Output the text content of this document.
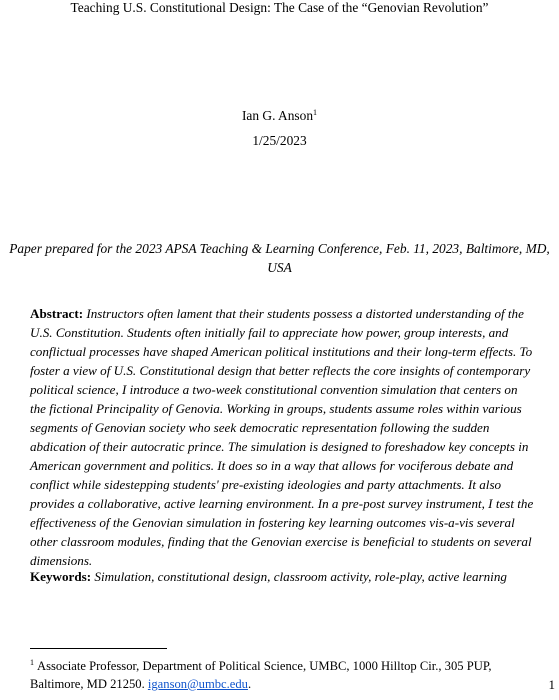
Teaching U.S. Constitutional Design: The Case of the “Genovian Revolution”
Ian G. Anson$^1$
1/25/2023
Paper prepared for the 2023 APSA Teaching & Learning Conference, Feb. 11, 2023, Baltimore, MD, USA
Abstract: Instructors often lament that their students possess a distorted understanding of the U.S. Constitution. Students often initially fail to appreciate how power, group interests, and conflictual processes have shaped American political institutions and their long-term effects. To foster a view of U.S. Constitutional design that better reflects the core insights of contemporary political science, I introduce a two-week constitutional convention simulation that centers on the fictional Principality of Genovia. Working in groups, students assume roles within various segments of Genovian society who seek democratic representation following the sudden abdication of their autocratic prince. The simulation is designed to foreshadow key concepts in American government and politics. It does so in a way that allows for vociferous debate and conflict while sidestepping students' pre-existing ideologies and party attachments. It also provides a collaborative, active learning environment. In a pre-post survey instrument, I test the effectiveness of the Genovian simulation in fostering key learning outcomes vis-a-vis several other classroom modules, finding that the Genovian exercise is beneficial to students on several dimensions.
Keywords: Simulation, constitutional design, classroom activity, role-play, active learning
$^1$ Associate Professor, Department of Political Science, UMBC, 1000 Hilltop Cir., 305 PUP, Baltimore, MD 21250. iganson@umbc.edu.	1
